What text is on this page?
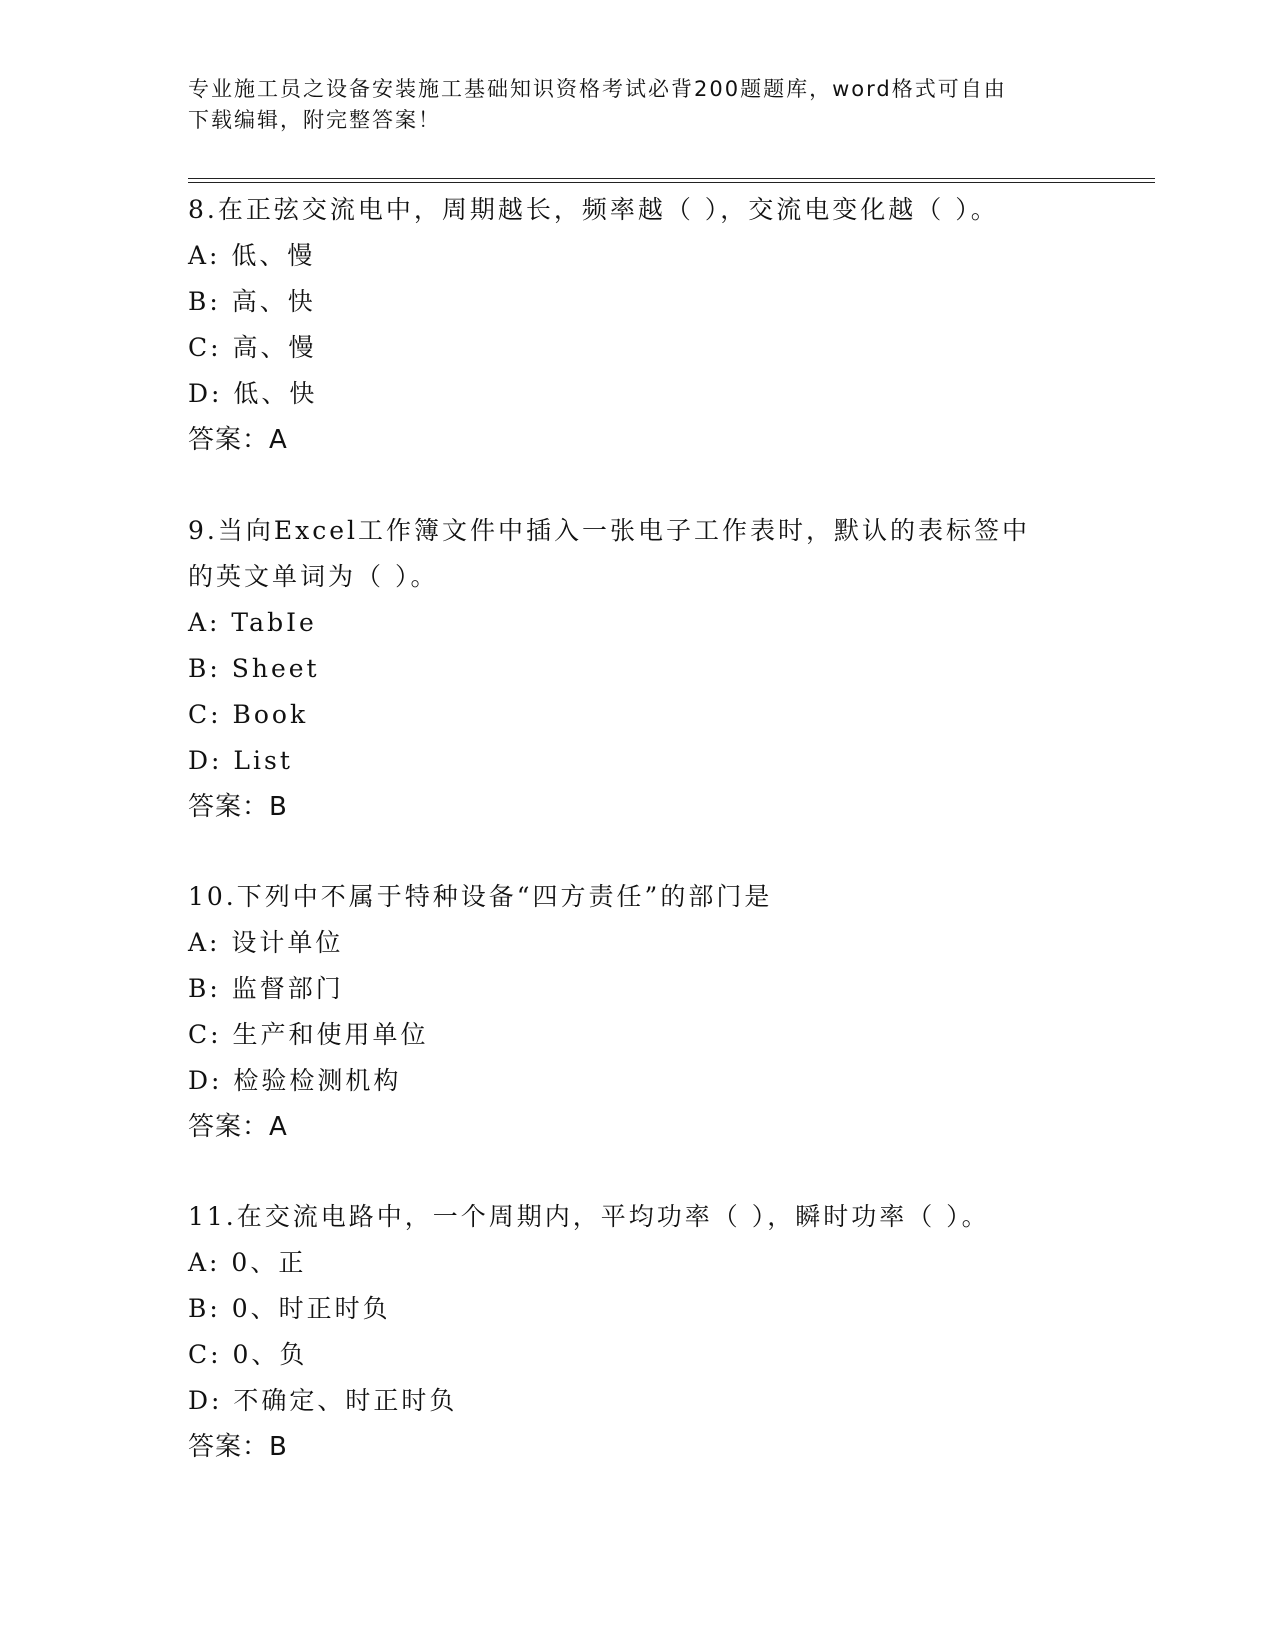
专业施工员之设备安装施工基础知识资格考试必背200题题库，word格式可自由
下载编辑，附完整答案！
8.在正弦交流电中，周期越长，频率越（ ），交流电变化越（ ）。
A: 低、慢
B: 高、快
C: 高、慢
D: 低、快
答案：A
9.当向Excel工作簿文件中插入一张电子工作表时，默认的表标签中
的英文单词为（ ）。
A: TabIe
B: Sheet
C: Book
D: List
答案：B
10.下列中不属于特种设备“四方责任”的部门是
A: 设计单位
B: 监督部门
C: 生产和使用单位
D: 检验检测机构
答案：A
11.在交流电路中，一个周期内，平均功率（ ），瞬时功率（ ）。
A: 0、正
B: 0、时正时负
C: 0、负
D: 不确定、时正时负
答案：B
